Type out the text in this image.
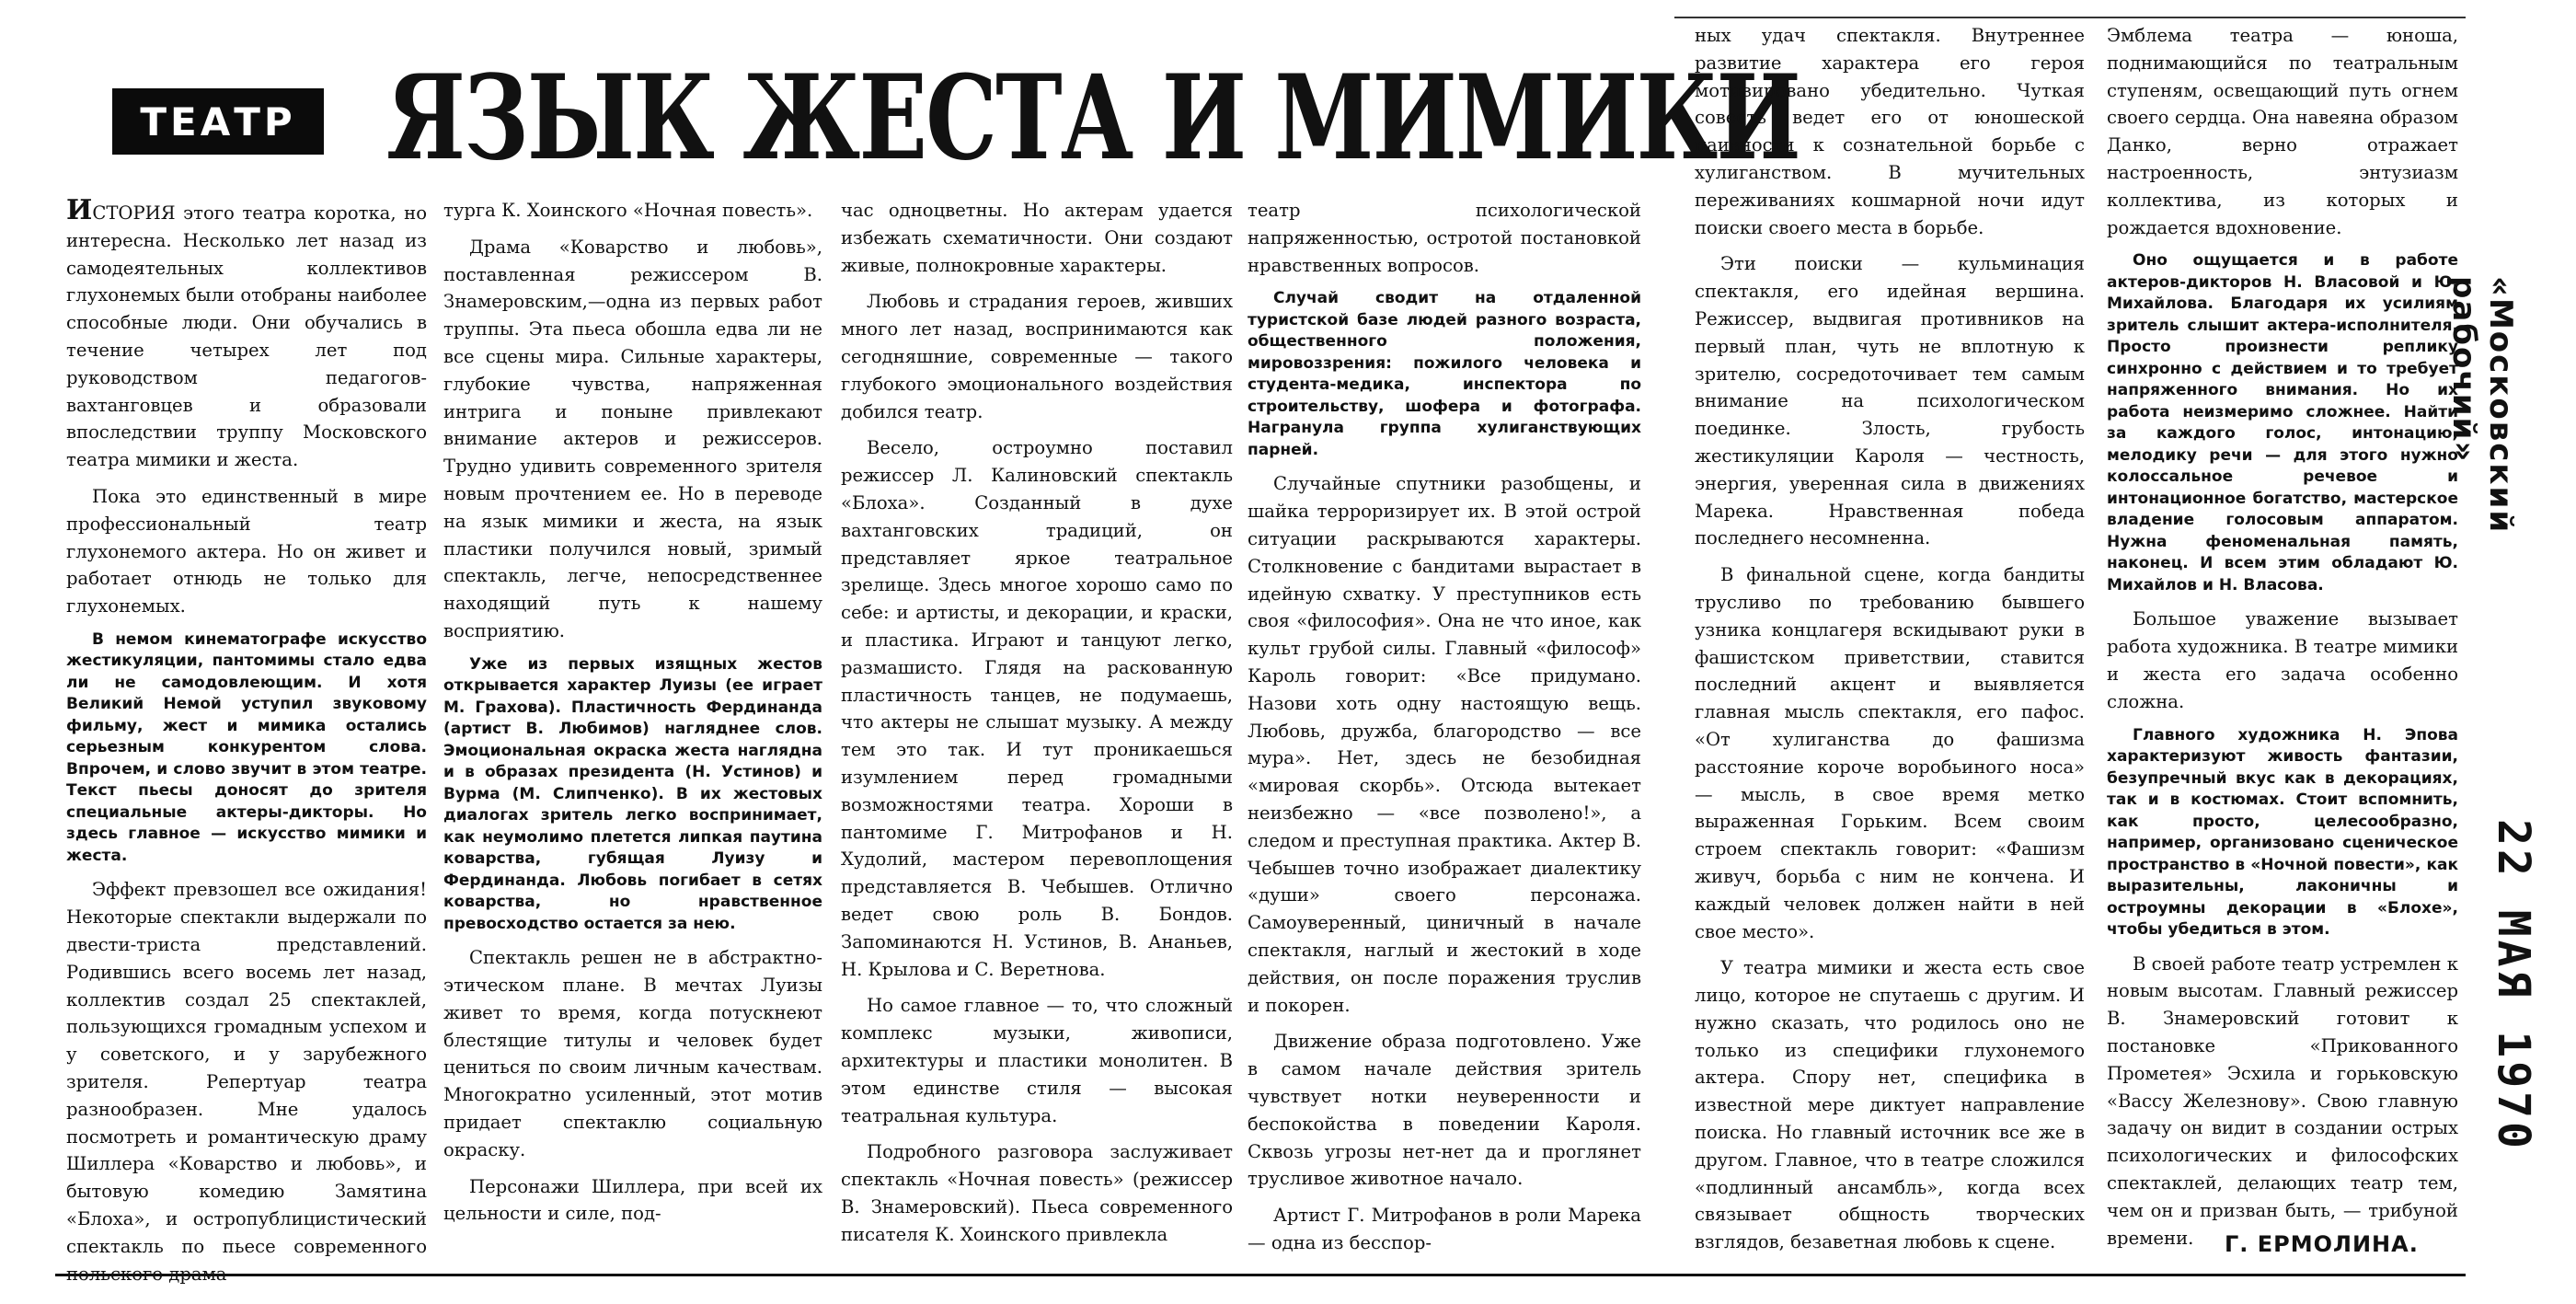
ТЕАТР ЯЗЫК ЖЕСТА И МИМИКИ

ИСТОРИЯ этого театра коротка, но интересна. Несколько лет назад из самодеятельных коллективов глухонемых были отобраны наиболее способные люди. Они обучались в течение четырех лет под руководством педагогов-вахтанговцев и образовали впоследствии труппу Московского театра мимики и жеста.

Пока это единственный в мире профессиональный театр глухонемого актера. Но он живет и работает отнюдь не только для глухонемых.

В немом кинематографе искусство жестикуляции, пантомимы стало едва ли не самодовлеющим. И хотя Великий Немой уступил звуковому фильму, жест и мимика остались серьезным конкурентом слова. Впрочем, и слово звучит в этом театре. Текст пьесы доносят до зрителя специальные актеры-дикторы. Но здесь главное — искусство мимики и жеста.

Эффект превзошел все ожидания! Некоторые спектакли выдержали по двести-триста представлений. Родившись всего восемь лет назад, коллектив создал 25 спектаклей, пользующихся громадным успехом и у советского, и у зарубежного зрителя. Репертуар театра разнообразен. Мне удалось посмотреть и романтическую драму Шиллера «Коварство и любовь», и бытовую комедию Замятина «Блоха», и остропублицистический спектакль по пьесе современного

турга К. Хоинского «Ночная повесть».

Драма «Коварство и любовь», поставленная режиссером В. Знамеровским,—одна из первых работ труппы. Эта пьеса обошла едва ли не все сцены мира. Сильные характеры, глубокие чувства, напряженная интрига и поныне привлекают внимание актеров и режиссеров. Трудно удивить современного зрителя новым прочтением ее. Но в переводе на язык мимики и жеста, на язык пластики получился новый, зримый спектакль, легче, непосредственнее находящий путь к нашему восприятию.

Уже из первых изящных жестов открывается характер Луизы (ее играет М. Грахова). Пластичность Фердинанда (артист В. Любимов) нагляднее слов. Эмоциональная окраска жеста наглядна и в образах президента (Н. Устинов) и Вурма (М. Слипченко). В их жестовых диалогах зритель легко воспринимает, как неумолимо плетется липкая паутина коварства, губящая Луизу и Фердинанда. Любовь погибает в сетях коварства, но нравственное превосходство остается за нею.

Спектакль решен не в абстрактно-этическом плане. В мечтах Луизы живет то время, когда потускнеют блестящие титулы и человек будет цениться по своим личным качествам. Многократно усиленный, этот мотив придает спектаклю социальную окраску.

Персонажи Шиллера, при всей их цельности и силе, под-

час одноцветны. Но актерам удается избежать схематичности. Они создают живые, полнокровные характеры.

Любовь и страдания героев, живших много лет назад, воспринимаются как сегодняшние, современные — такого глубокого эмоционального воздействия добился театр.

Весело, остроумно поставил режиссер Л. Калиновский спектакль «Блоха». Созданный в духе вахтанговских традиций, он представляет яркое театральное зрелище. Здесь многое хорошо само по себе: и артисты, и декорации, и краски, и пластика. Играют и танцуют легко, размашисто. Глядя на раскованную пластичность танцев, не подумаешь, что актеры не слышат музыку. А между тем это так. И тут проникаешься изумлением перед громадными возможностями театра. Хороши в пантомиме Г. Митрофанов и Н. Худолий, мастером перевоплощения представляется В. Чебышев. Отлично ведет свою роль В. Бондов. Запоминаются Н. Устинов, В. Ананьев, Н. Крылова и С. Веретнова.

Но самое главное — то, что сложный комплекс музыки, живописи, архитектуры и пластики монолитен. В этом единстве стиля — высокая театральная культура.

Подробного разговора заслуживает спектакль «Ночная повесть» (режиссер В. Знамеровский). Пьеса современного писателя К. Хоинского привлекла

театр психологической напряженностью, остротой постановкой нравственных вопросов.

Случай сводит на отдаленной туристской базе людей разного возраста, общественного положения, мировоззрения: пожилого человека и студента-медика, инспектора по строительству, шофера и фотографа. Награнула группа хулиганствующих парней.

Случайные спутники разобщены, и шайка терроризирует их. В этой острой ситуации раскрываются характеры. Столкновение с бандитами вырастает в идейную схватку. У преступников есть своя «философия». Она не что иное, как культ грубой силы. Главный «философ» Кароль говорит: «Все придумано. Назови хоть одну настоящую вещь. Любовь, дружба, благородство — все мура». Нет, здесь не безобидная «мировая скорбь». Отсюда вытекает неизбежно — «все позволено!», а следом и преступная практика. Актер В. Чебышев точно изображает диалектику «души» своего персонажа. Самоуверенный, циничный в начале спектакля, наглый и жестокий в ходе действия, он после поражения труслив и покорен.

Движение образа подготовлено. Уже в самом начале действия зритель чувствует нотки неуверенности и беспокойства в поведении Кароля. Сквозь угрозы нет-нет да и проглянет трусливое животное начало.

Артист Г. Митрофанов в роли Марека — одна из бесспор-

ных удач спектакля. Внутреннее развитие характера его героя мотивировано убедительно. Чуткая совесть ведет его от юношеской наивности к сознательной борьбе с хулиганством. В мучительных переживаниях кошмарной ночи идут поиски своего места в борьбе.

Эти поиски — кульминация спектакля, его идейная вершина. Режиссер, выдвигая противников на первый план, чуть не вплотную к зрителю, сосредоточивает тем самым внимание на психологическом поединке. Злость, грубость жестикуляции Кароля — честность, энергия, уверенная сила в движениях Марека. Нравственная победа последнего несомненна.

В финальной сцене, когда бандиты трусливо по требованию бывшего узника концлагеря вскидывают руки в фашистском приветствии, ставится последний акцент и выявляется главная мысль спектакля, его пафос. «От хулиганства до фашизма расстояние короче воробьиного носа» — мысль, в свое время метко выраженная Горьким. Всем своим строем спектакль говорит: «Фашизм живуч, борьба с ним не кончена. И каждый человек должен найти в ней свое место».

У театра мимики и жеста есть свое лицо, которое не спутаешь с другим. И нужно сказать, что родилось оно не только из специфики глухонемого актера. Спору нет, специфика в известной мере диктует направление поиска. Но главный источник все же в другом. Главное, что в театре сложился «подлинный ансамбль», когда всех связывает общность творческих взглядов, безаветная любовь к сцене.

Эмблема театра — юноша, поднимающийся по театральным ступеням, освещающий путь огнем своего сердца. Она навеяна образом Данко, верно отражает настроенность, энтузиазм коллектива, из которых и рождается вдохновение.

Оно ощущается и в работе актеров-дикторов Н. Власовой и Ю. Михайлова. Благодаря их усилиям зритель слышит актера-исполнителя. Просто произнести реплику синхронно с действием и то требует напряженного внимания. Но их работа неизмеримо сложнее. Найти за каждого голос, интонацию, мелодику речи — для этого нужно колоссальное речевое и интонационное богатство, мастерское владение голосовым аппаратом. Нужна феноменальная память, наконец. И всем этим обладают Ю. Михайлов и Н. Власова.

Большое уважение вызывает работа художника. В театре мимики и жеста его задача особенно сложна.

Главного художника Н. Эпова характеризуют живость фантазии, безупречный вкус как в декорациях, так и в костюмах. Стоит вспомнить, как просто, целесообразно, например, организовано сценическое пространство в «Ночной повести», как выразительны, лаконичны и остроумны декорации в «Блохе», чтобы убедиться в этом.

В своей работе театр устремлен к новым высотам. Главный режиссер В. Знамеровский готовит к постановке «Прикованного Прометея» Эсхила и горьковскую «Вассу Железнову». Свою главную задачу он видит в создании острых психологических и философских спектаклей, делающих театр тем, чем он и призван быть, — трибуной времени.	Г. ЕРМОЛИНА.
«Московский рабочий»
22 МАЯ 1970
